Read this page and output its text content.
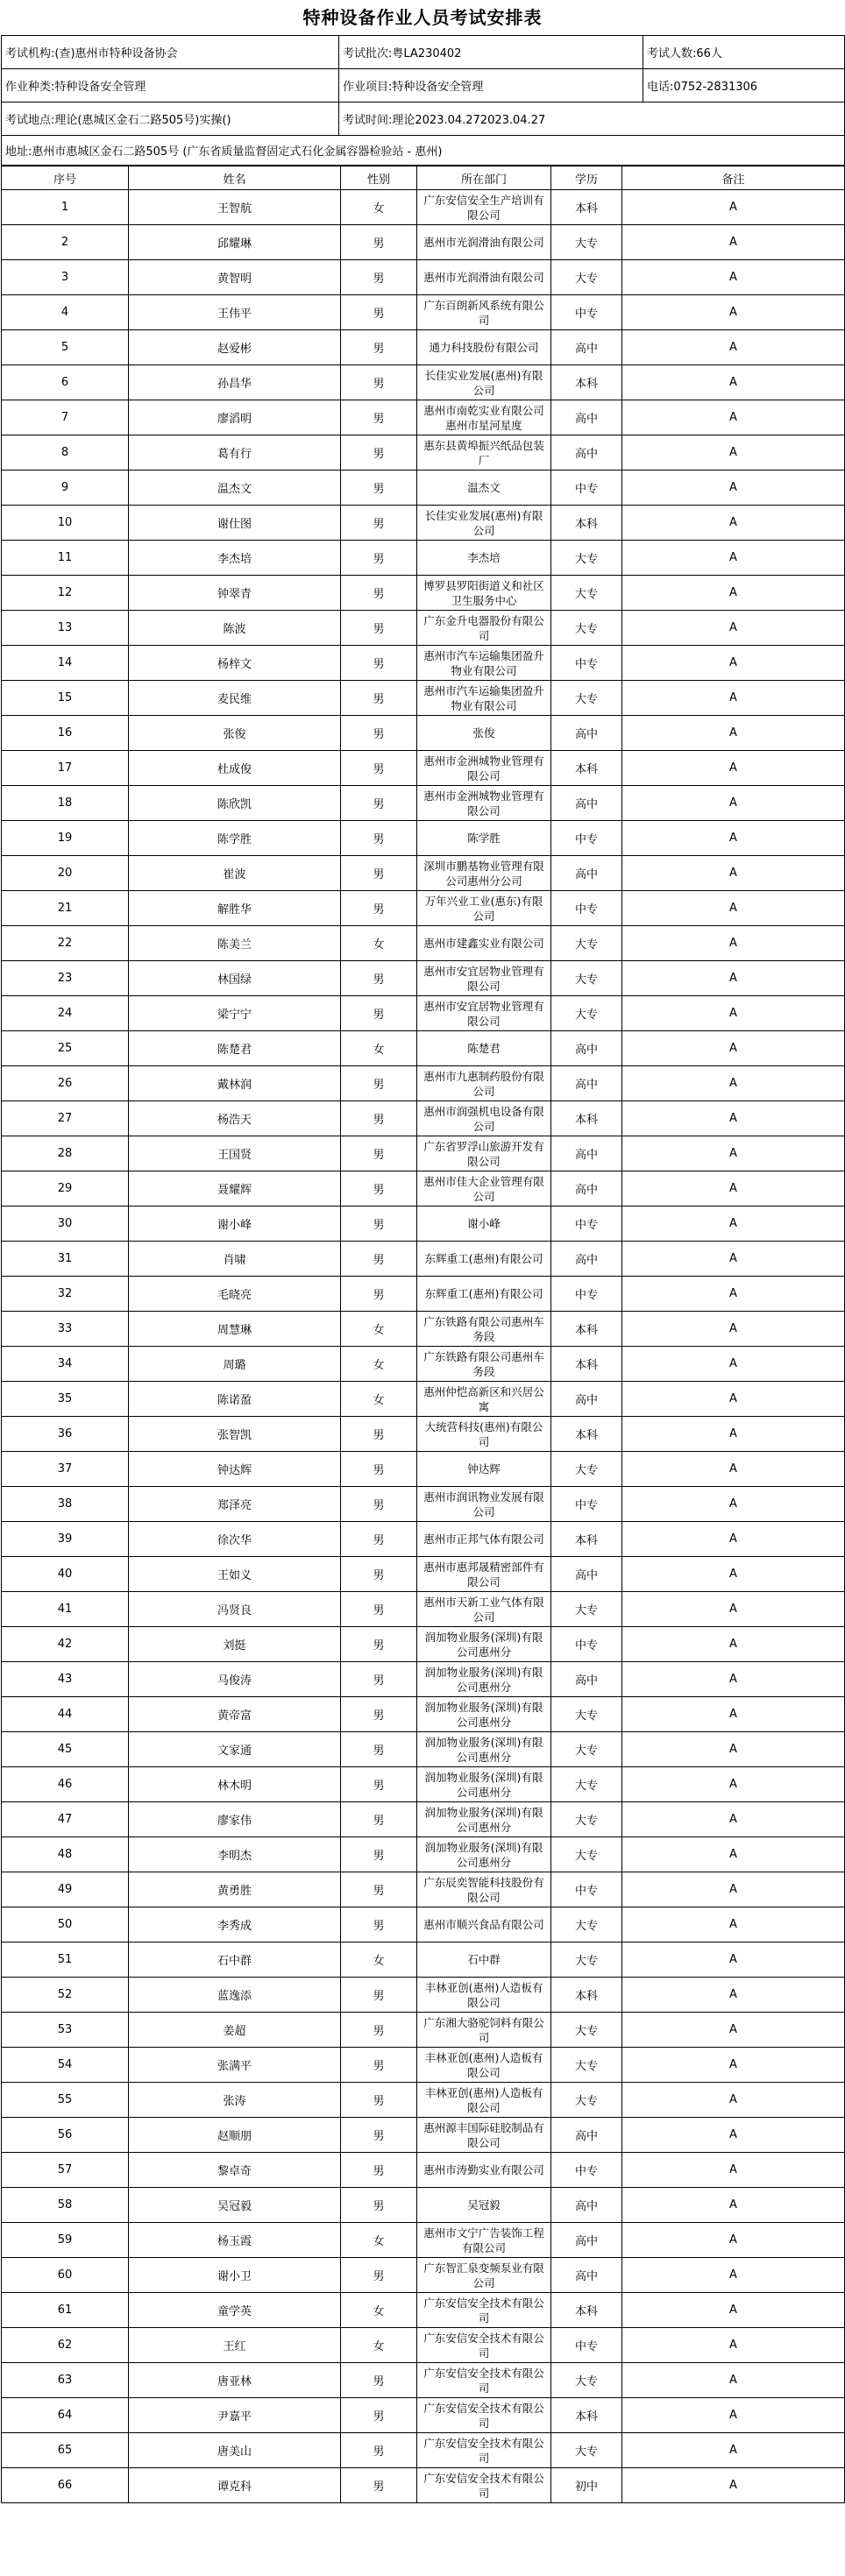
特种设备作业人员考试安排表
考试机构:(查)惠州市特种设备协会	考试批次:粤LA230402	考试人数:66人
作业种类:特种设备安全管理	作业项目:特种设备安全管理	电话:0752-2831306
考试地点:理论(惠城区金石二路505号)实操()	考试时间:理论2023.04.272023.04.27	
地址:惠州市惠城区金石二路505号 (广东省质量监督固定式石化金属容器检验站 - 惠州)		
序号	姓名	性别	所在部门	学历	备注
1	王智航	女	广东安信安全生产培训有限公司	本科	A
2	邱耀琳	男	惠州市光润滑油有限公司	大专	A
3	黄智明	男	惠州市光润滑油有限公司	大专	A
4	王伟平	男	广东百朗新风系统有限公司	中专	A
5	赵爱彬	男	通力科技股份有限公司	高中	A
6	孙昌华	男	长佳实业发展(惠州)有限公司	本科	A
7	廖滔明	男	惠州市南乾实业有限公司惠州市星河星度	高中	A
8	葛有行	男	惠东县黄埠振兴纸品包装厂	高中	A
9	温杰文	男	温杰文	中专	A
10	谢仕图	男	长佳实业发展(惠州)有限公司	本科	A
11	李杰培	男	李杰培	大专	A
12	钟翠青	男	博罗县罗阳街道义和社区卫生服务中心	大专	A
13	陈波	男	广东金升电器股份有限公司	大专	A
14	杨梓文	男	惠州市汽车运输集团盈升物业有限公司	中专	A
15	麦民维	男	惠州市汽车运输集团盈升物业有限公司	大专	A
16	张俊	男	张俊	高中	A
17	杜成俊	男	惠州市金洲城物业管理有限公司	本科	A
18	陈欣凯	男	惠州市金洲城物业管理有限公司	高中	A
19	陈学胜	男	陈学胜	中专	A
20	崔波	男	深圳市鹏基物业管理有限公司惠州分公司	高中	A
21	解胜华	男	万年兴业工业(惠东)有限公司	中专	A
22	陈美兰	女	惠州市建鑫实业有限公司	大专	A
23	林国绿	男	惠州市安宜居物业管理有限公司	大专	A
24	梁宁宁	男	惠州市安宜居物业管理有限公司	大专	A
25	陈楚君	女	陈楚君	高中	A
26	戴林润	男	惠州市九惠制药股份有限公司	高中	A
27	杨浩天	男	惠州市润强机电设备有限公司	本科	A
28	王国贤	男	广东省罗浮山旅游开发有限公司	高中	A
29	聂耀辉	男	惠州市佳大企业管理有限公司	高中	A
30	谢小峰	男	谢小峰	中专	A
31	肖啸	男	东辉重工(惠州)有限公司	高中	A
32	毛晓亮	男	东辉重工(惠州)有限公司	中专	A
33	周慧琳	女	广东铁路有限公司惠州车务段	本科	A
34	周璐	女	广东铁路有限公司惠州车务段	本科	A
35	陈诺盈	女	惠州仲恺高新区和兴居公寓	高中	A
36	张智凯	男	大统营科技(惠州)有限公司	本科	A
37	钟达辉	男	钟达辉	大专	A
38	郑泽亮	男	惠州市润讯物业发展有限公司	中专	A
39	徐次华	男	惠州市正邦气体有限公司	本科	A
40	王如义	男	惠州市惠邦晟精密部件有限公司	高中	A
41	冯贤良	男	惠州市天新工业气体有限公司	大专	A
42	刘挺	男	润加物业服务(深圳)有限公司惠州分	中专	A
43	马俊涛	男	润加物业服务(深圳)有限公司惠州分	高中	A
44	黄帝富	男	润加物业服务(深圳)有限公司惠州分	大专	A
45	文家通	男	润加物业服务(深圳)有限公司惠州分	大专	A
46	林木明	男	润加物业服务(深圳)有限公司惠州分	大专	A
47	廖家伟	男	润加物业服务(深圳)有限公司惠州分	大专	A
48	李明杰	男	润加物业服务(深圳)有限公司惠州分	大专	A
49	黄勇胜	男	广东辰奕智能科技股份有限公司	中专	A
50	李秀成	男	惠州市顺兴食品有限公司	大专	A
51	石中群	女	石中群	大专	A
52	蓝逸添	男	丰林亚创(惠州)人造板有限公司	本科	A
53	姜超	男	广东湘大骆驼饲料有限公司	大专	A
54	张满平	男	丰林亚创(惠州)人造板有限公司	大专	A
55	张涛	男	丰林亚创(惠州)人造板有限公司	大专	A
56	赵顺朋	男	惠州源丰国际硅胶制品有限公司	高中	A
57	黎卓奇	男	惠州市涛勤实业有限公司	中专	A
58	吴冠毅	男	吴冠毅	高中	A
59	杨玉霞	女	惠州市文宁广告装饰工程有限公司	高中	A
60	谢小卫	男	广东智汇泉变频泵业有限公司	高中	A
61	童学英	女	广东安信安全技术有限公司	本科	A
62	王红	女	广东安信安全技术有限公司	中专	A
63	唐亚林	男	广东安信安全技术有限公司	大专	A
64	尹嘉平	男	广东安信安全技术有限公司	本科	A
65	唐美山	男	广东安信安全技术有限公司	大专	A
66	谭克科	男	广东安信安全技术有限公司	初中	A
